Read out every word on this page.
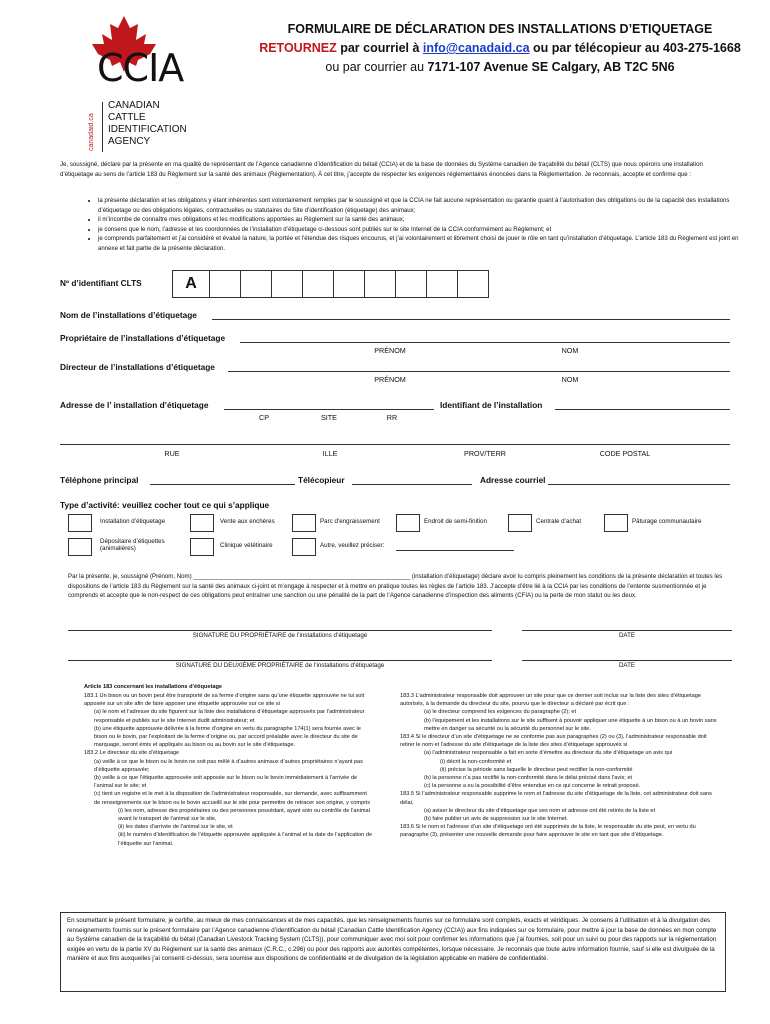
FORMULAIRE DE DÉCLARATION DES INSTALLATIONS D’ETIQUETAGE
RETOURNEZ par courriel à info@canadaid.ca ou par télécopieur au 403-275-1668
ou par courrier au 7171-107 Avenue SE Calgary, AB T2C 5N6
CCIA
canadaid.ca
CANADIAN
CATTLE
IDENTIFICATION
AGENCY
Je, soussigné, déclare par la présente en ma qualité de représentant de l’Agence canadienne d’identification du bétail (CCIA) et de la base de données du Système canadien de traçabilité du bétail (CLTS) que nous opérons une installation d’étiquetage au sens de l’article 183 du Règlement sur la santé des animaux (Réglementation). À cet titre, j’accepte de respecter les exigences réglementaires énoncées dans la Réglementation. Je reconnais, accepte et confirme que :
• la présente déclaration et les obligations y étant inhérentes sont volontairement remplies par le soussigné et que la CCIA ne fait aucune représentation ou garantie quant à l’autorisation des obligations ou de la capacité des installations d’étiquetage ou des obligations légales, contractuelles ou statutaires du Site d’identification (étiquetage) des animaux;
• il m’incombe de connaître mes obligations et les modifications apportées au Règlement sur la santé des animaux;
• je consens que le nom, l’adresse et les coordonnées de l’installation d’étiquetage ci-dessous sont publiés sur le site Internet de la CCIA conformément au Règlement; et
• je comprends parfaitement et j’ai considéré et évalué la nature, la portée et l’étendue des risques encourus, et j’ai volontairement et librement choisi de jouer le rôle en tant qu’installation d’étiquetage. L’article 183 du Règlement est joint en annexe et fait partie de la présente déclaration.
Nº d’identifiant CLTS	A
Nom de l’installations d’étiquetage
Propriétaire de l’installations d’étiquetage
PRÉNOM	NOM
Directeur de l’installations d’étiquetage
PRÉNOM	NOM
Adresse de l’ installation d’étiquetage	Identifiant de l’installation
CP	SITE	RR
RUE	ILLE	PROV/TERR	CODE POSTAL
Téléphone principal	Télécopieur	Adresse courriel
Type d’activité: veuillez cocher tout ce qui s’applique
Installation d’étiquetage	Vente aux enchères	Parc d’engraissement	Endroit de semi-finition	Centrale d’achat	Pâturage communautaire
Dépositaire d’étiquettes (animalières)	Clinique vététinaire	Autre, veuillez préciser:
Par la présente, je, soussigné (Prénom, Nom) ________________________________________________________________ (installation d’étiquetage) déclare avoir lu compris pleinement les conditions de la présente déclaration et toutes les dispositions de l’article 183 du Règlement sur la santé des animaux ci-joint et m’engage à respecter et à mettre en pratique toutes les règles de l’article 183. J’accepte d’être lié à la CCIA par les conditions de l’entente susmentionnée et je comprends et accepte que le non-respect de ces obligations peut entraîner une sanction ou une pénalité de la part de l’Agence canadienne d’inspection des aliments (CFIA) ou la perte de mon statut ou les deux.
SIGNATURE DU PROPRIÉTAIRE de l’installations d’étiquetage	DATE
SIGNATURE DU DEUXIÈME PROPRIÉTAIRE de l’installations d’étiquetage	DATE
Article 183 concernant les installations d’étiquetage
183.1 Un bison ou un bovin peut être transporté de sa ferme d’origine sans qu’une étiquette approuvée ne lui soit apposée sur un site afin de faire apposer une étiquette approuvée sur ce site si
(a) le nom et l’adresse du site figurent sur la liste des installations d’étiquetage approuvés par l’administrateur responsable et publiés sur le site Internet dudit administrateur; et
(b) une étiquette approuvée délivrée à la ferme d’origine en vertu du paragraphe 174(1) sera fournie avec le bison ou le bovin, par l’exploitant de la ferme d’origine ou, par accord préalable avec le directeur du site de marquage, seront émis et appliqués au bison ou au bovin sur le site d’étiquetage.
183.2 Le directeur du site d’étiquetage
(a) veille à ce que le bison ou le bovin ne soit pas mêlé à d’autres animaux d’autres propriétaires n’ayant pas d’étiquette approuvée;
(b) veille à ce que l’étiquette approuvée soit apposée sur le bison ou le bovin immédiatement à l’arrivée de l’animal sur le site; et
(c) tient un registre et le met à la disposition de l’administrateur responsable, sur demande, avec suffisamment de renseignements sur le bison ou le bovin accueilli sur le site pour permettre de retracer son origine, y compris
(i) les nom, adresse des propriétaires ou des personnes possédant, ayant soin ou contrôle de l’animal avant le transport de l’animal sur le site,
(ii) les dates d’arrivée de l’animal sur le site, et
(iii) le numéro d’identification de l’étiquette approuvée appliquée à l’animal et la date de l’application de l’étiquette sur l’animal.
183.3 L’administrateur responsable doit approuver un site pour que ce dernier soit inclus sur la liste des sites d’étiquetage autorisés, à la demande du directeur du site, pourvu que le directeur a déclaré par écrit que :
(a) le directeur comprend les exigences du paragraphe (2); et
(b) l’équipement et les installations sur le site suffisent à pouvoir appliquer une étiquette à un bison ou à un bovin sans mettre en danger sa sécurité ou la sécurité du personnel sur le site.
183.4 Si le directeur d’un site d’étiquetage ne se conforme pas aux paragraphes (2) ou (3), l’administrateur responsable doit retirer le nom et l’adresse du site d’étiquetage de la liste des sites d’étiquetage approuvés si
(a) l’administrateur responsable a fait en sorte d’émettre au directeur du site d’étiquetage un avis qui
(i) décrit la non-conformité et
(ii) précise la période sans laquelle le directeur peut rectifier la non-conformité
(b) la personne n’a pas rectifié la non-conformité dans le délai précisé dans l’avis; et
(c) la personne a eu la possibilité d’être entendue en ce qui concerne le retrait proposé.
183.5 Si l’administrateur responsable supprime le nom et l’adresse du site d’étiquetage de la liste, cet administrateur doit sans délai,
(a) aviser le directeur du site d’étiquetage que ses nom et adresse ont été retirés de la liste et
(b) faire publier un avis de suppression sur le site Internet.
183.6 Si le nom et l’adresse d’un site d’étiquetage ont été supprimés de la liste, le responsable du site peut, en vertu du paragraphe (3), présenter une nouvelle demande pour faire approuver le site en tant que site d’étiquetage.
En soumettant le présent formulaire, je certifie, au mieux de mes connaissances et de mes capacités, que les renseignements fournis sur ce formulaire sont complets, exacts et véridiques. Je consens à l’utilisation et à la divulgation des renseignements fournis sur le présent formulaire par l’Agence canadienne d’identification du bétail (Canadian Cattle Identification Agency (CCIA)) aux fins indiquées sur ce formulaire, pour mettre à jour la base de données en mon compte au Système canadien de la traçabilité du bétail (Canadian Livestock Tracking System (CLTS)), pour communiquer avec moi soit pour confirmer les informations que j’ai fournies, soit pour un suivi ou pour des rapports sur la réglementation exigée en vertu de la partie XV du Règlement sur la santé des animaux (C.R.C., c.296) ou pour des rapports aux autorités compétentes, lorsque nécessaire. Je reconnais que toute autre information fournie, sauf si elle est divulguée de la manière et aux fins auxquelles j’ai consenti ci-dessus, sera soumise aux dispositions de confidentialité et de divulgation de la législation applicable en matière de confidentialité.
